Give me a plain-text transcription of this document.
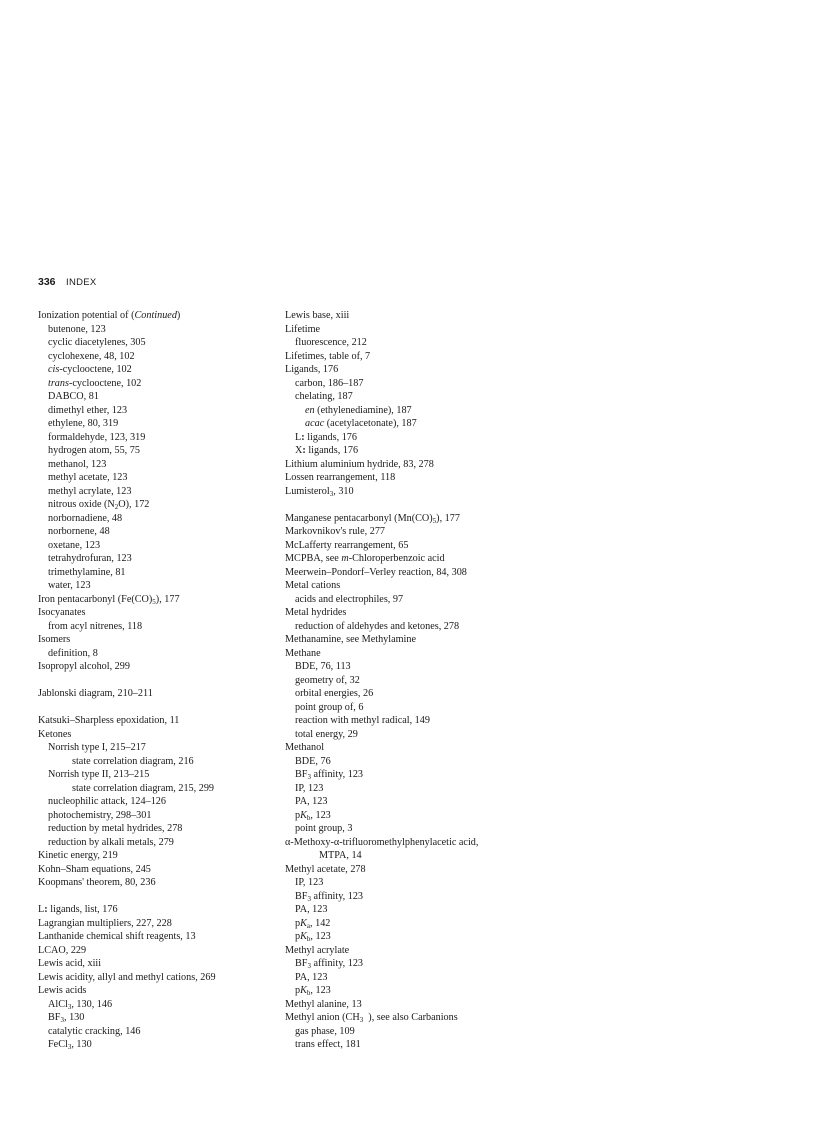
336 INDEX
Ionization potential of (Continued)
butenone, 123
cyclic diacetylenes, 305
cyclohexene, 48, 102
cis-cyclooctene, 102
trans-cyclooctene, 102
DABCO, 81
dimethyl ether, 123
ethylene, 80, 319
formaldehyde, 123, 319
hydrogen atom, 55, 75
methanol, 123
methyl acetate, 123
methyl acrylate, 123
nitrous oxide $(N_2O)$, 172
norbornadiene, 48
norbornene, 48
oxetane, 123
tetrahydrofuran, 123
trimethylamine, 81
water, 123
Iron pentacarbonyl $(Fe(CO)_5)$, 177
Isocyanates
from acyl nitrenes, 118
Isomers
definition, 8
Isopropyl alcohol, 299
Jablonski diagram, 210–211
Katsuki–Sharpless epoxidation, 11
Ketones
Norrish type I, 215–217
state correlation diagram, 216
Norrish type II, 213–215
state correlation diagram, 215, 299
nucleophilic attack, 124–126
photochemistry, 298–301
reduction by metal hydrides, 278
reduction by alkali metals, 279
Kinetic energy, 219
Kohn–Sham equations, 245
Koopmans' theorem, 80, 236
L: ligands, list, 176
Lagrangian multipliers, 227, 228
Lanthanide chemical shift reagents, 13
LCAO, 229
Lewis acid, xiii
Lewis acidity, allyl and methyl cations, 269
Lewis acids
AlCl$_3$, 130, 146
$BF_3$, 130
catalytic cracking, 146
FeCl$_3$, 130
Lewis base, xiii
Lifetime
fluorescence, 212
Lifetimes, table of, 7
Ligands, 176
carbon, 186–187
chelating, 187
en (ethylenediamine), 187
acac (acetylacetonate), 187
L: ligands, 176
X: ligands, 176
Lithium aluminium hydride, 83, 278
Lossen rearrangement, 118
Lumisterol$_3$, 310
Manganese pentacarbonyl $(Mn(CO)_5)$, 177
Markovnikov's rule, 277
McLafferty rearrangement, 65
MCPBA, see m-Chloroperbenzoic acid
Meerwein–Pondorf–Verley reaction, 84, 308
Metal cations
acids and electrophiles, 97
Metal hydrides
reduction of aldehydes and ketones, 278
Methanamine, see Methylamine
Methane
BDE, 76, 113
geometry of, 32
orbital energies, 26
point group of, 6
reaction with methyl radical, 149
total energy, 29
Methanol
BDE, 76
$BF_3$ affinity, 123
IP, 123
PA, 123
$pK_b$, 123
point group, 3
α-Methoxy-α-trifluoromethylphenylacetic acid,
MTPA, 14
Methyl acetate, 278
IP, 123
$BF_3$ affinity, 123
PA, 123
$pK_a$, 142
$pK_b$, 123
Methyl acrylate
$BF_3$ affinity, 123
PA, 123
$pK_b$, 123
Methyl alanine, 13
Methyl anion ($CH_3$  ), see also Carbanions
gas phase, 109
trans effect, 181
